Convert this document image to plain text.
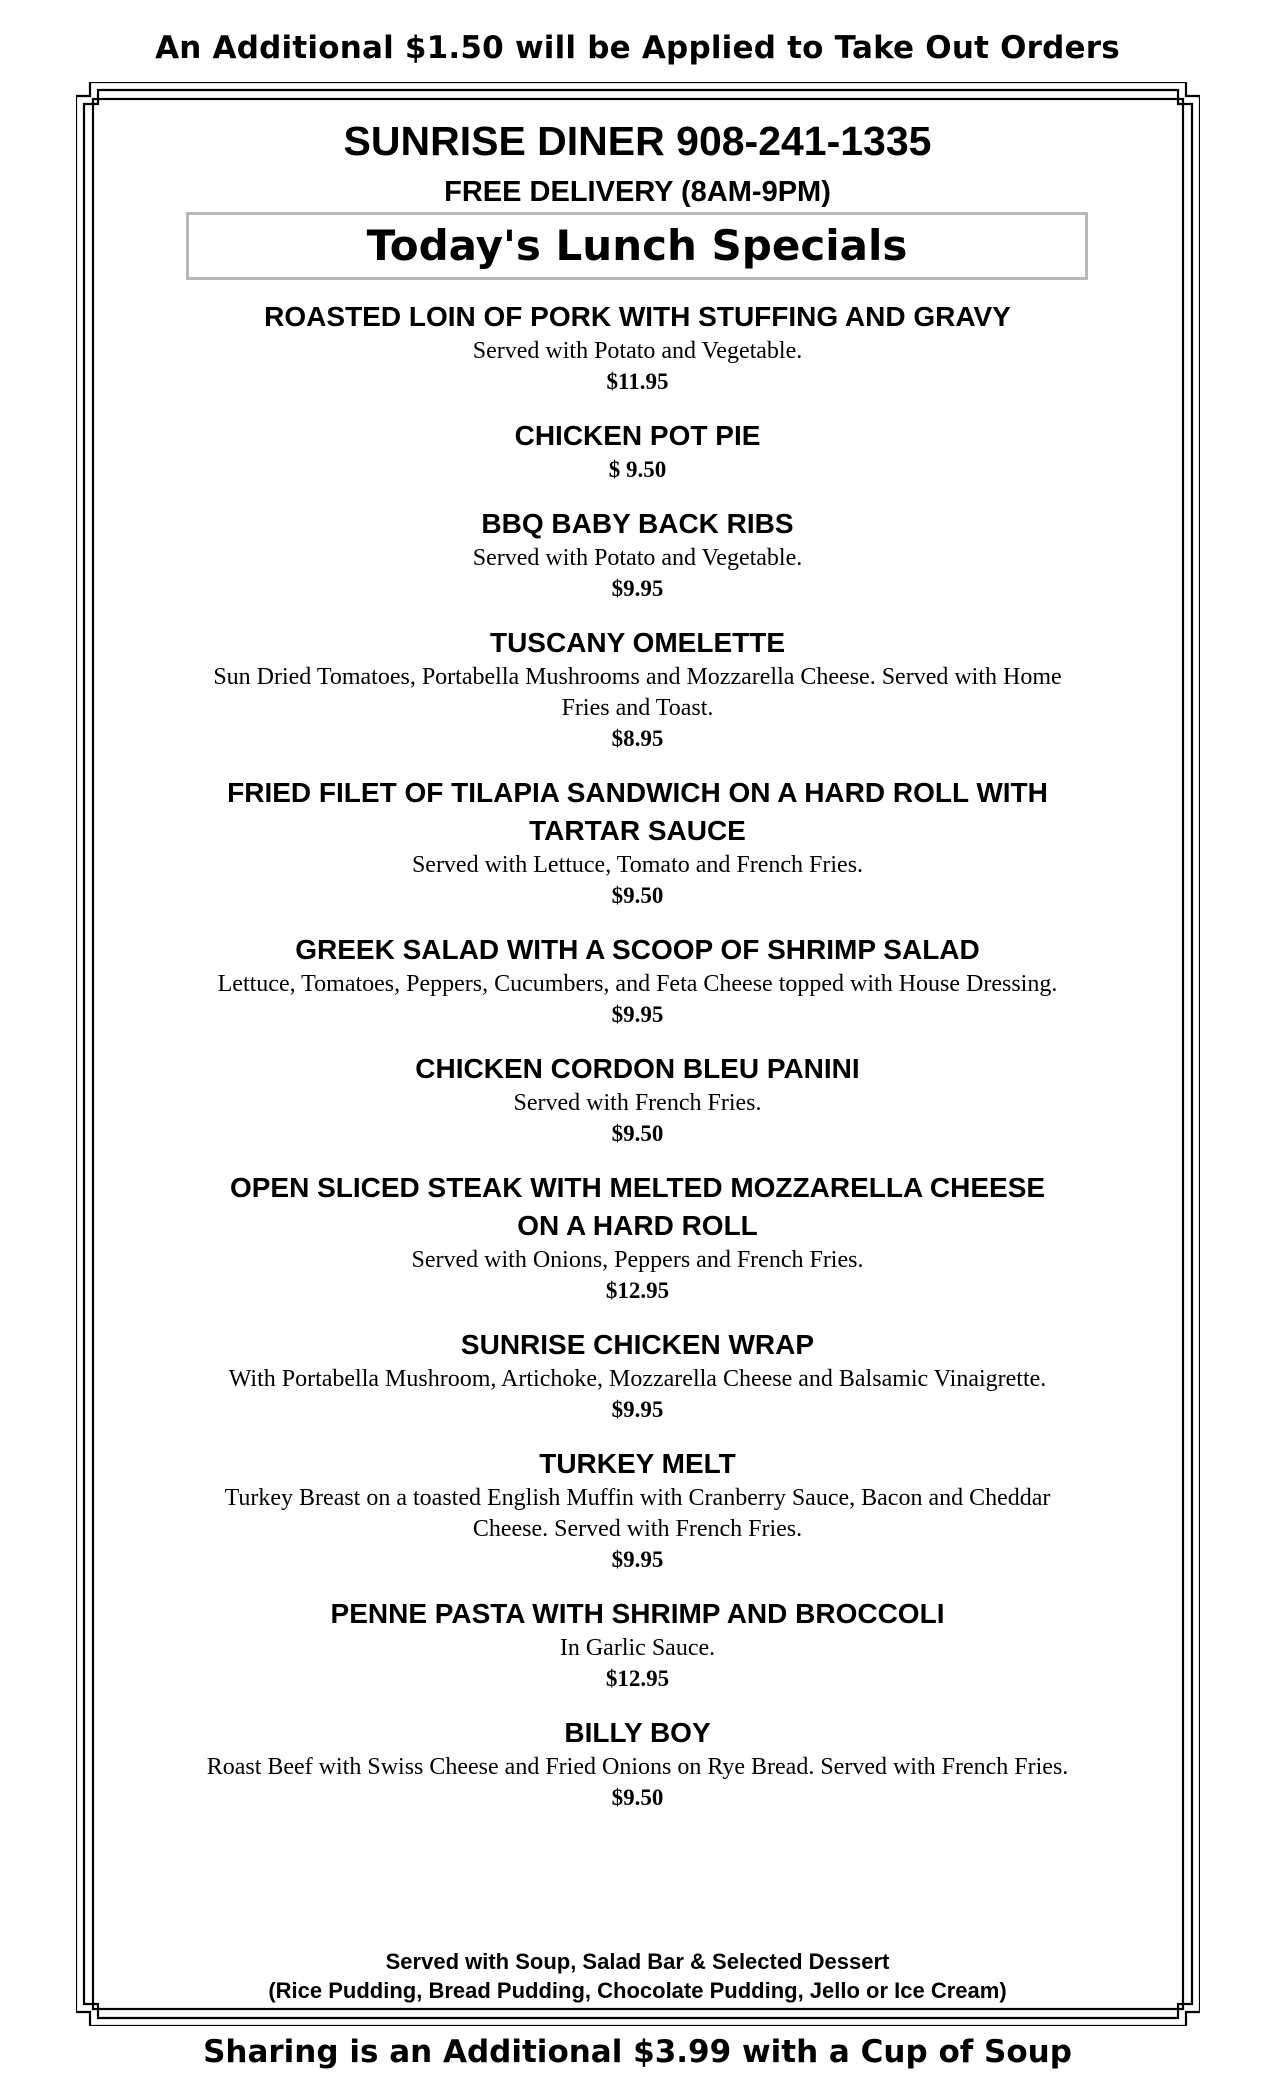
An Additional $1.50 will be Applied to Take Out Orders
SUNRISE DINER 908-241-1335
FREE DELIVERY (8AM-9PM)
Today's Lunch Specials
ROASTED LOIN OF PORK WITH STUFFING AND GRAVY
Served with Potato and Vegetable.
$11.95
CHICKEN POT PIE
$ 9.50
BBQ BABY BACK RIBS
Served with Potato and Vegetable.
$9.95
TUSCANY OMELETTE
Sun Dried Tomatoes, Portabella Mushrooms and Mozzarella Cheese. Served with Home Fries and Toast.
$8.95
FRIED FILET OF TILAPIA SANDWICH ON A HARD ROLL WITH TARTAR SAUCE
Served with Lettuce, Tomato and French Fries.
$9.50
GREEK SALAD WITH A SCOOP OF SHRIMP SALAD
Lettuce, Tomatoes, Peppers, Cucumbers, and Feta Cheese topped with House Dressing.
$9.95
CHICKEN CORDON BLEU PANINI
Served with French Fries.
$9.50
OPEN SLICED STEAK WITH MELTED MOZZARELLA CHEESE ON A HARD ROLL
Served with Onions, Peppers and French Fries.
$12.95
SUNRISE CHICKEN WRAP
With Portabella Mushroom, Artichoke, Mozzarella Cheese and Balsamic Vinaigrette.
$9.95
TURKEY MELT
Turkey Breast on a toasted English Muffin with Cranberry Sauce, Bacon and Cheddar Cheese. Served with French Fries.
$9.95
PENNE PASTA WITH SHRIMP AND BROCCOLI
In Garlic Sauce.
$12.95
BILLY BOY
Roast Beef with Swiss Cheese and Fried Onions on Rye Bread. Served with French Fries.
$9.50
Served with Soup, Salad Bar & Selected Dessert
(Rice Pudding, Bread Pudding, Chocolate Pudding, Jello or Ice Cream)
Sharing is an Additional $3.99 with a Cup of Soup
